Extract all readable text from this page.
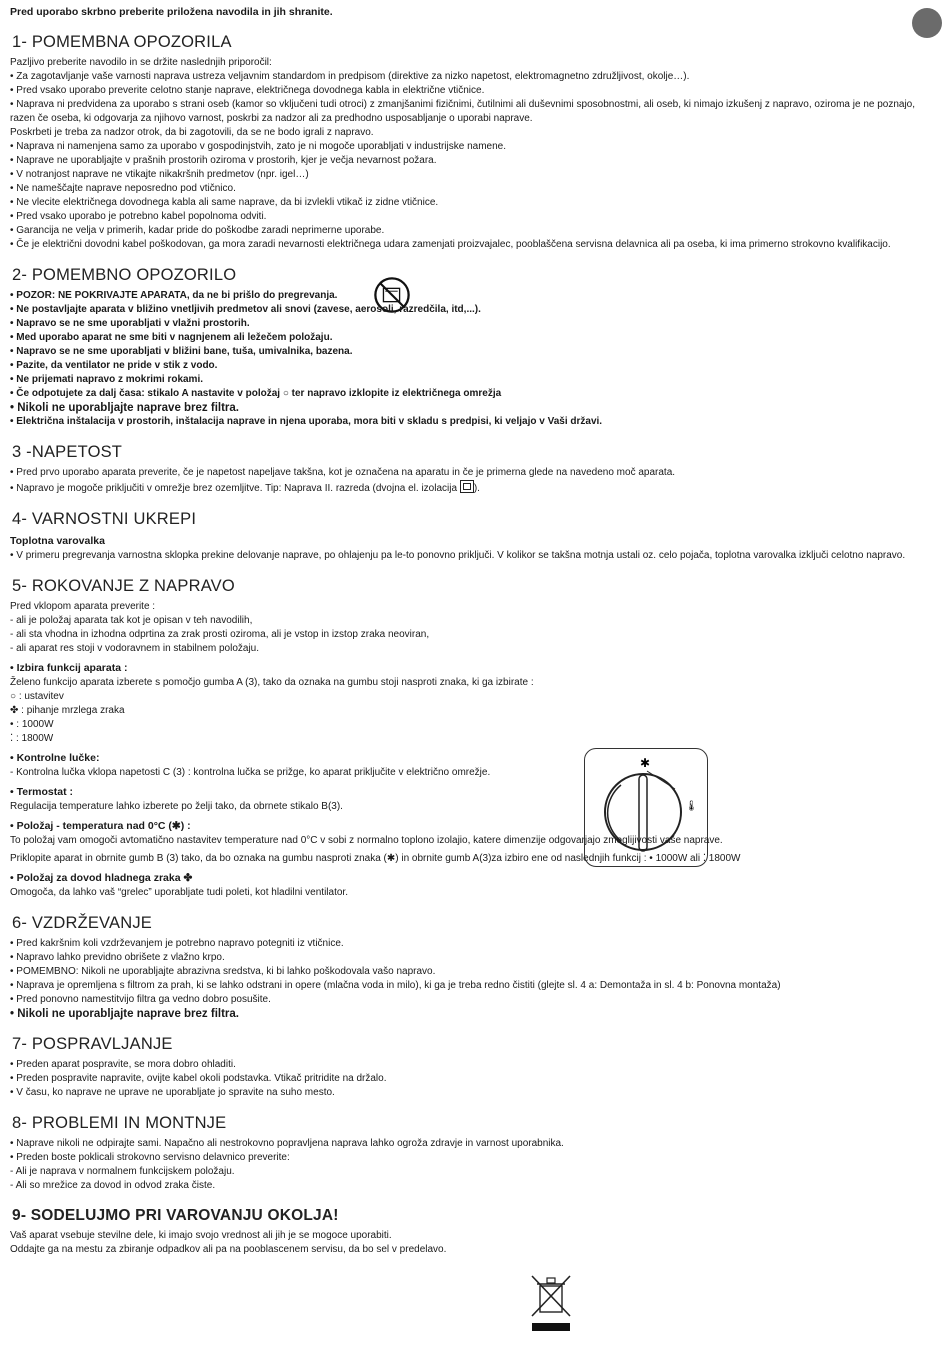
✱
🌡

Pred uporabo skrbno preberite priložena navodila in jih shranite.

1- POMEMBNA OPOZORILA

Pazljivo preberite navodilo in se držite naslednjih priporočil:

• Za zagotavljanje vaše varnosti naprava ustreza veljavnim standardom in predpisom (direktive za nizko napetost, elektromagnetno združljivost, okolje…).
• Pred vsako uporabo preverite celotno stanje naprave, električnega dovodnega kabla in električne vtičnice.
• Naprava ni predvidena za uporabo s strani oseb (kamor so vključeni tudi otroci) z zmanjšanimi fizičnimi, čutilnimi ali duševnimi sposobnostmi, ali oseb, ki nimajo izkušenj z napravo, oziroma je ne poznajo, razen če oseba, ki odgovarja za njihovo varnost, poskrbi za nadzor ali za predhodno usposabljanje o uporabi naprave.

Poskrbeti je treba za nadzor otrok, da bi zagotovili, da se ne bodo igrali z napravo.

• Naprava ni namenjena samo za uporabo v gospodinjstvih, zato je ni mogoče uporabljati v industrijske namene.
• Naprave ne uporabljajte v prašnih prostorih oziroma v prostorih, kjer je večja nevarnost požara.
• V notranjost naprave ne vtikajte nikakršnih predmetov (npr. igel…)
• Ne nameščajte naprave neposredno pod vtičnico.
• Ne vlecite električnega dovodnega kabla ali same naprave, da bi izvlekli vtikač iz zidne vtičnice.
• Pred vsako uporabo je potrebno kabel popolnoma odviti.
• Garancija ne velja v primerih, kadar pride do poškodbe zaradi neprimerne uporabe.
• Če je električni dovodni kabel poškodovan, ga mora zaradi nevarnosti električnega udara zamenjati proizvajalec, pooblaščena servisna delavnica ali pa oseba, ki ima primerno strokovno kvalifikacijo.
2- POMEMBNO OPOZORILO
• POZOR: NE POKRIVAJTE APARATA, da ne bi prišlo do pregrevanja.
• Ne postavljajte aparata v bližino vnetljivih predmetov ali snovi (zavese, aerosoli, razredčila, itd,...).
• Napravo se ne sme uporabljati v vlažni prostorih.
• Med uporabo aparat ne sme biti v nagnjenem ali ležečem položaju.
• Napravo se ne sme uporabljati v bližini bane, tuša, umivalnika, bazena.
• Pazite, da ventilator ne pride v stik z vodo.
• Ne prijemati napravo z mokrimi rokami.
• Če odpotujete za dalj časa: stikalo A nastavite v položaj ○ ter napravo izklopite iz električnega omrežja
• Nikoli ne uporabljajte naprave brez filtra.
• Električna inštalacija v prostorih, inštalacija naprave in njena uporaba, mora biti v skladu s predpisi, ki veljajo v Vaši državi.
3 -NAPETOST
• Pred prvo uporabo aparata preverite, če je napetost napeljave takšna, kot je označena na aparatu in če je primerna glede na navedeno moč aparata.
• Napravo je mogoče priključiti v omrežje brez ozemljitve. Tip: Naprava II. razreda (dvojna el. izolacija ).
4- VARNOSTNI UKREPI
Toplotna varovalka
• V primeru pregrevanja varnostna sklopka prekine delovanje naprave, po ohlajenju pa le-to ponovno priključi. V kolikor se takšna motnja ustali oz. celo pojača, toplotna varovalka izključi celotno napravo.
5- ROKOVANJE Z NAPRAVO

Pred vklopom aparata preverite :

- ali je položaj aparata tak kot je opisan v teh navodilih,
- ali sta vhodna in izhodna odprtina za zrak prosti oziroma, ali je vstop in izstop zraka neoviran,
- ali aparat res stoji v vodoravnem in stabilnem položaju.
• Izbira funkcij aparata :

Želeno funkcijo aparata izberete s pomočjo gumba A (3), tako da oznaka na gumbu stoji nasproti znaka, ki ga izbirate :

○ : ustavitev
✤ : pihanje mrzlega zraka
• : 1000W
⁚ : 1800W
• Kontrolne lučke:

- Kontrolna lučka vklopa napetosti C (3) : kontrolna lučka se prižge, ko aparat priključite v električno omrežje.

• Termostat :

Regulacija temperature lahko izberete po želji tako, da obrnete stikalo B(3).

• Položaj - temperatura nad 0°C (✱) :

To položaj vam omogoči avtomatično nastavitev temperature nad 0°C v sobi z normalno toplono izolajio, katere dimenzije odgovarjajo zmoglijivosti vaše naprave.

Priklopite aparat in obrnite gumb B (3) tako, da bo oznaka na gumbu nasproti znaka (✱) in obrnite gumb A(3)za izbiro ene od naslednjih funkcij : • 1000W ali ⁚ 1800W

• Položaj za dovod hladnega zraka ✤

Omogoča, da lahko vaš “grelec” uporabljate tudi poleti, kot hladilni ventilator.

6- VZDRŽEVANJE
• Pred kakršnim koli vzdrževanjem je potrebno napravo potegniti iz vtičnice.
• Napravo lahko previdno obrišete z vlažno krpo.
• POMEMBNO: Nikoli ne uporabljajte abrazivna sredstva, ki bi lahko poškodovala vašo napravo.
• Naprava je opremljena s filtrom za prah, ki se lahko odstrani in opere (mlačna voda in milo), ki ga je treba redno čistiti (glejte sl. 4 a: Demontaža in sl. 4 b: Ponovna montaža)
• Pred ponovno namestitvijo filtra ga vedno dobro posušite.
• Nikoli ne uporabljajte naprave brez filtra.
7- POSPRAVLJANJE
• Preden aparat pospravite, se mora dobro ohladiti.
• Preden pospravite napravite, ovijte kabel okoli podstavka. Vtikač pritridite na držalo.
• V času, ko naprave ne uprave ne uporabljate jo spravite na suho mesto.
8- PROBLEMI IN MONTNJE
• Naprave nikoli ne odpirajte sami. Napačno ali nestrokovno popravljena naprava lahko ogroža zdravje in varnost uporabnika.
• Preden boste poklicali strokovno servisno delavnico preverite:
- Ali je naprava v normalnem funkcijskem položaju.
- Ali so mrežice za dovod in odvod zraka čiste.
9- SODELUJMO PRI VAROVANJU OKOLJA!

Vaš aparat vsebuje stevilne dele, ki imajo svojo vrednost ali jih je se mogoce uporabiti.

Oddajte ga na mestu za zbiranje odpadkov ali pa na pooblascenem servisu, da bo sel v predelavo.
